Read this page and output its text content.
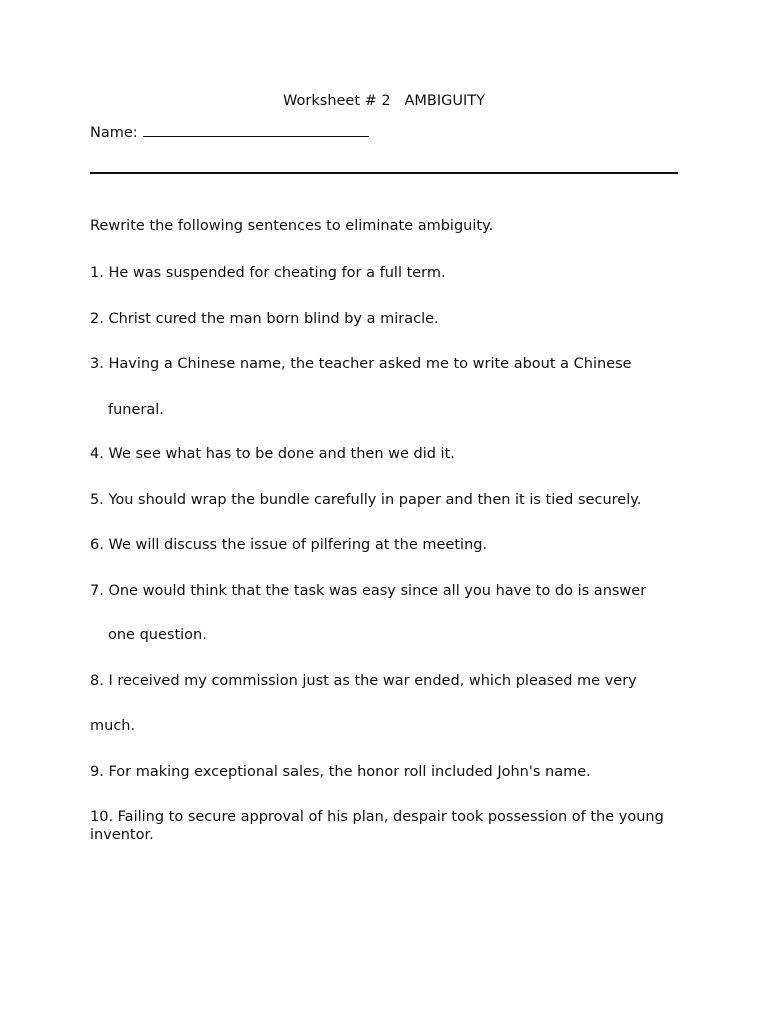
Worksheet # 2   AMBIGUITY
Name:
Rewrite the following sentences to eliminate ambiguity.
1. He was suspended for cheating for a full term.
2. Christ cured the man born blind by a miracle.
3. Having a Chinese name, the teacher asked me to write about a Chinese
funeral.
4. We see what has to be done and then we did it.
5. You should wrap the bundle carefully in paper and then it is tied securely.
6. We will discuss the issue of pilfering at the meeting.
7. One would think that the task was easy since all you have to do is answer
one question.
8. I received my commission just as the war ended, which pleased me very
much.
9. For making exceptional sales, the honor roll included John's name.
10. Failing to secure approval of his plan, despair took possession of the young inventor.
